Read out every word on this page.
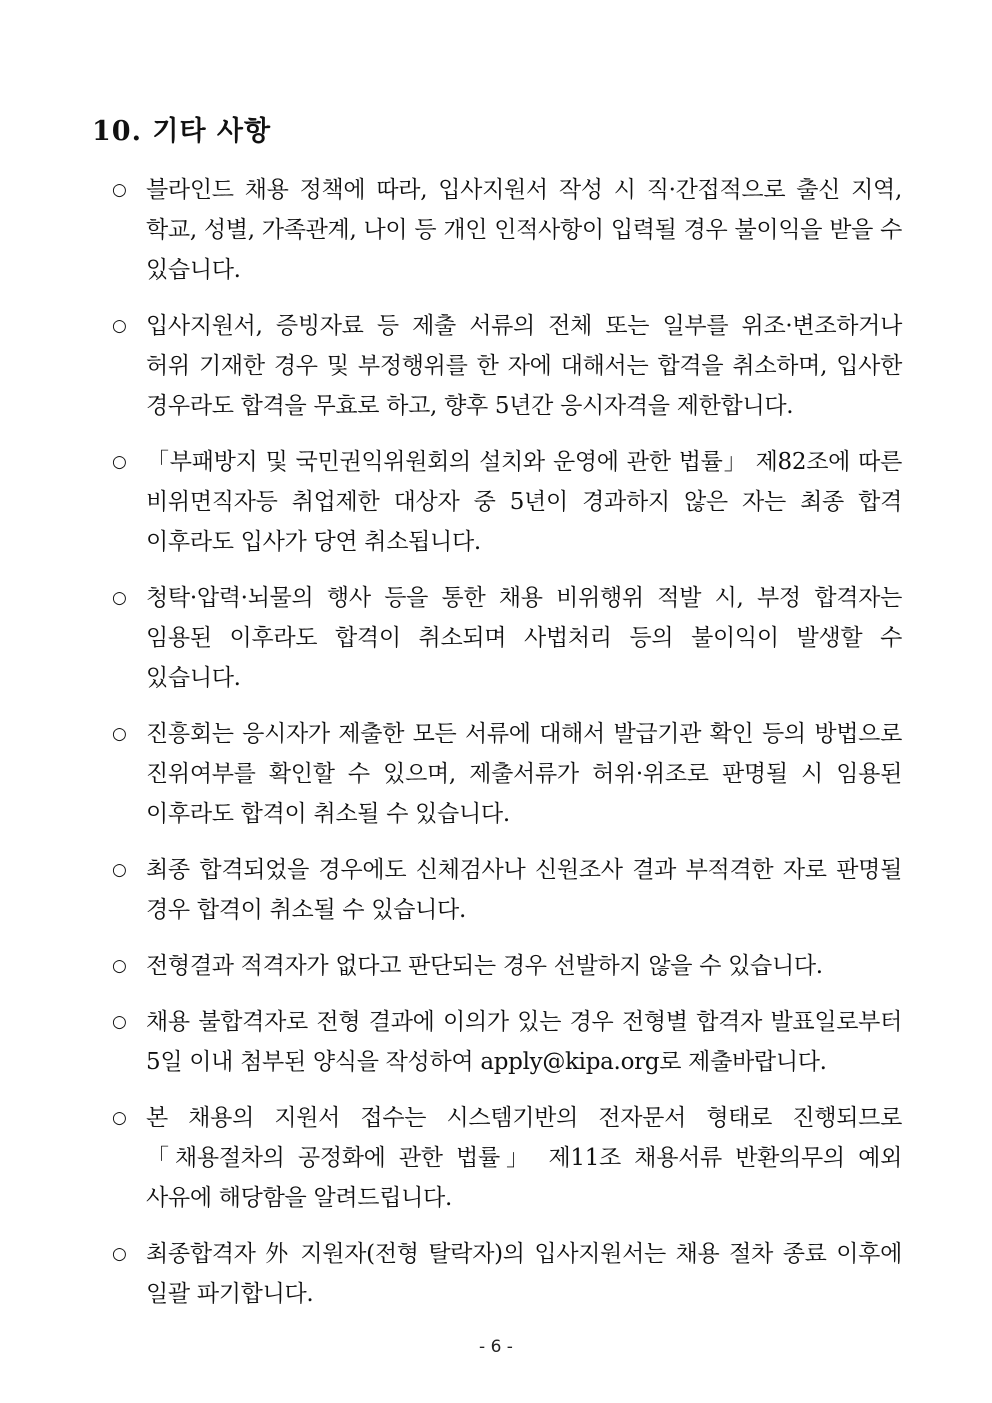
10. 기타 사항
○ 블라인드 채용 정책에 따라, 입사지원서 작성 시 직·간접적으로 출신 지역, 학교, 성별, 가족관계, 나이 등 개인 인적사항이 입력될 경우 불이익을 받을 수 있습니다.
○ 입사지원서, 증빙자료 등 제출 서류의 전체 또는 일부를 위조·변조하거나 허위 기재한 경우 및 부정행위를 한 자에 대해서는 합격을 취소하며, 입사한 경우라도 합격을 무효로 하고, 향후 5년간 응시자격을 제한합니다.
○ 「부패방지 및 국민권익위원회의 설치와 운영에 관한 법률」 제82조에 따른 비위면직자등 취업제한 대상자 중 5년이 경과하지 않은 자는 최종 합격 이후라도 입사가 당연 취소됩니다.
○ 청탁·압력·뇌물의 행사 등을 통한 채용 비위행위 적발 시, 부정 합격자는 임용된 이후라도 합격이 취소되며 사법처리 등의 불이익이 발생할 수 있습니다.
○ 진흥회는 응시자가 제출한 모든 서류에 대해서 발급기관 확인 등의 방법으로 진위여부를 확인할 수 있으며, 제출서류가 허위·위조로 판명될 시 임용된 이후라도 합격이 취소될 수 있습니다.
○ 최종 합격되었을 경우에도 신체검사나 신원조사 결과 부적격한 자로 판명될 경우 합격이 취소될 수 있습니다.
○ 전형결과 적격자가 없다고 판단되는 경우 선발하지 않을 수 있습니다.
○ 채용 불합격자로 전형 결과에 이의가 있는 경우 전형별 합격자 발표일로부터 5일 이내 첨부된 양식을 작성하여 apply@kipa.org로 제출바랍니다.
○ 본 채용의 지원서 접수는 시스템기반의 전자문서 형태로 진행되므로 「채용절차의 공정화에 관한 법률」 제11조 채용서류 반환의무의 예외 사유에 해당함을 알려드립니다.
○ 최종합격자 外 지원자(전형 탈락자)의 입사지원서는 채용 절차 종료 이후에 일괄 파기합니다.
- 6 -
